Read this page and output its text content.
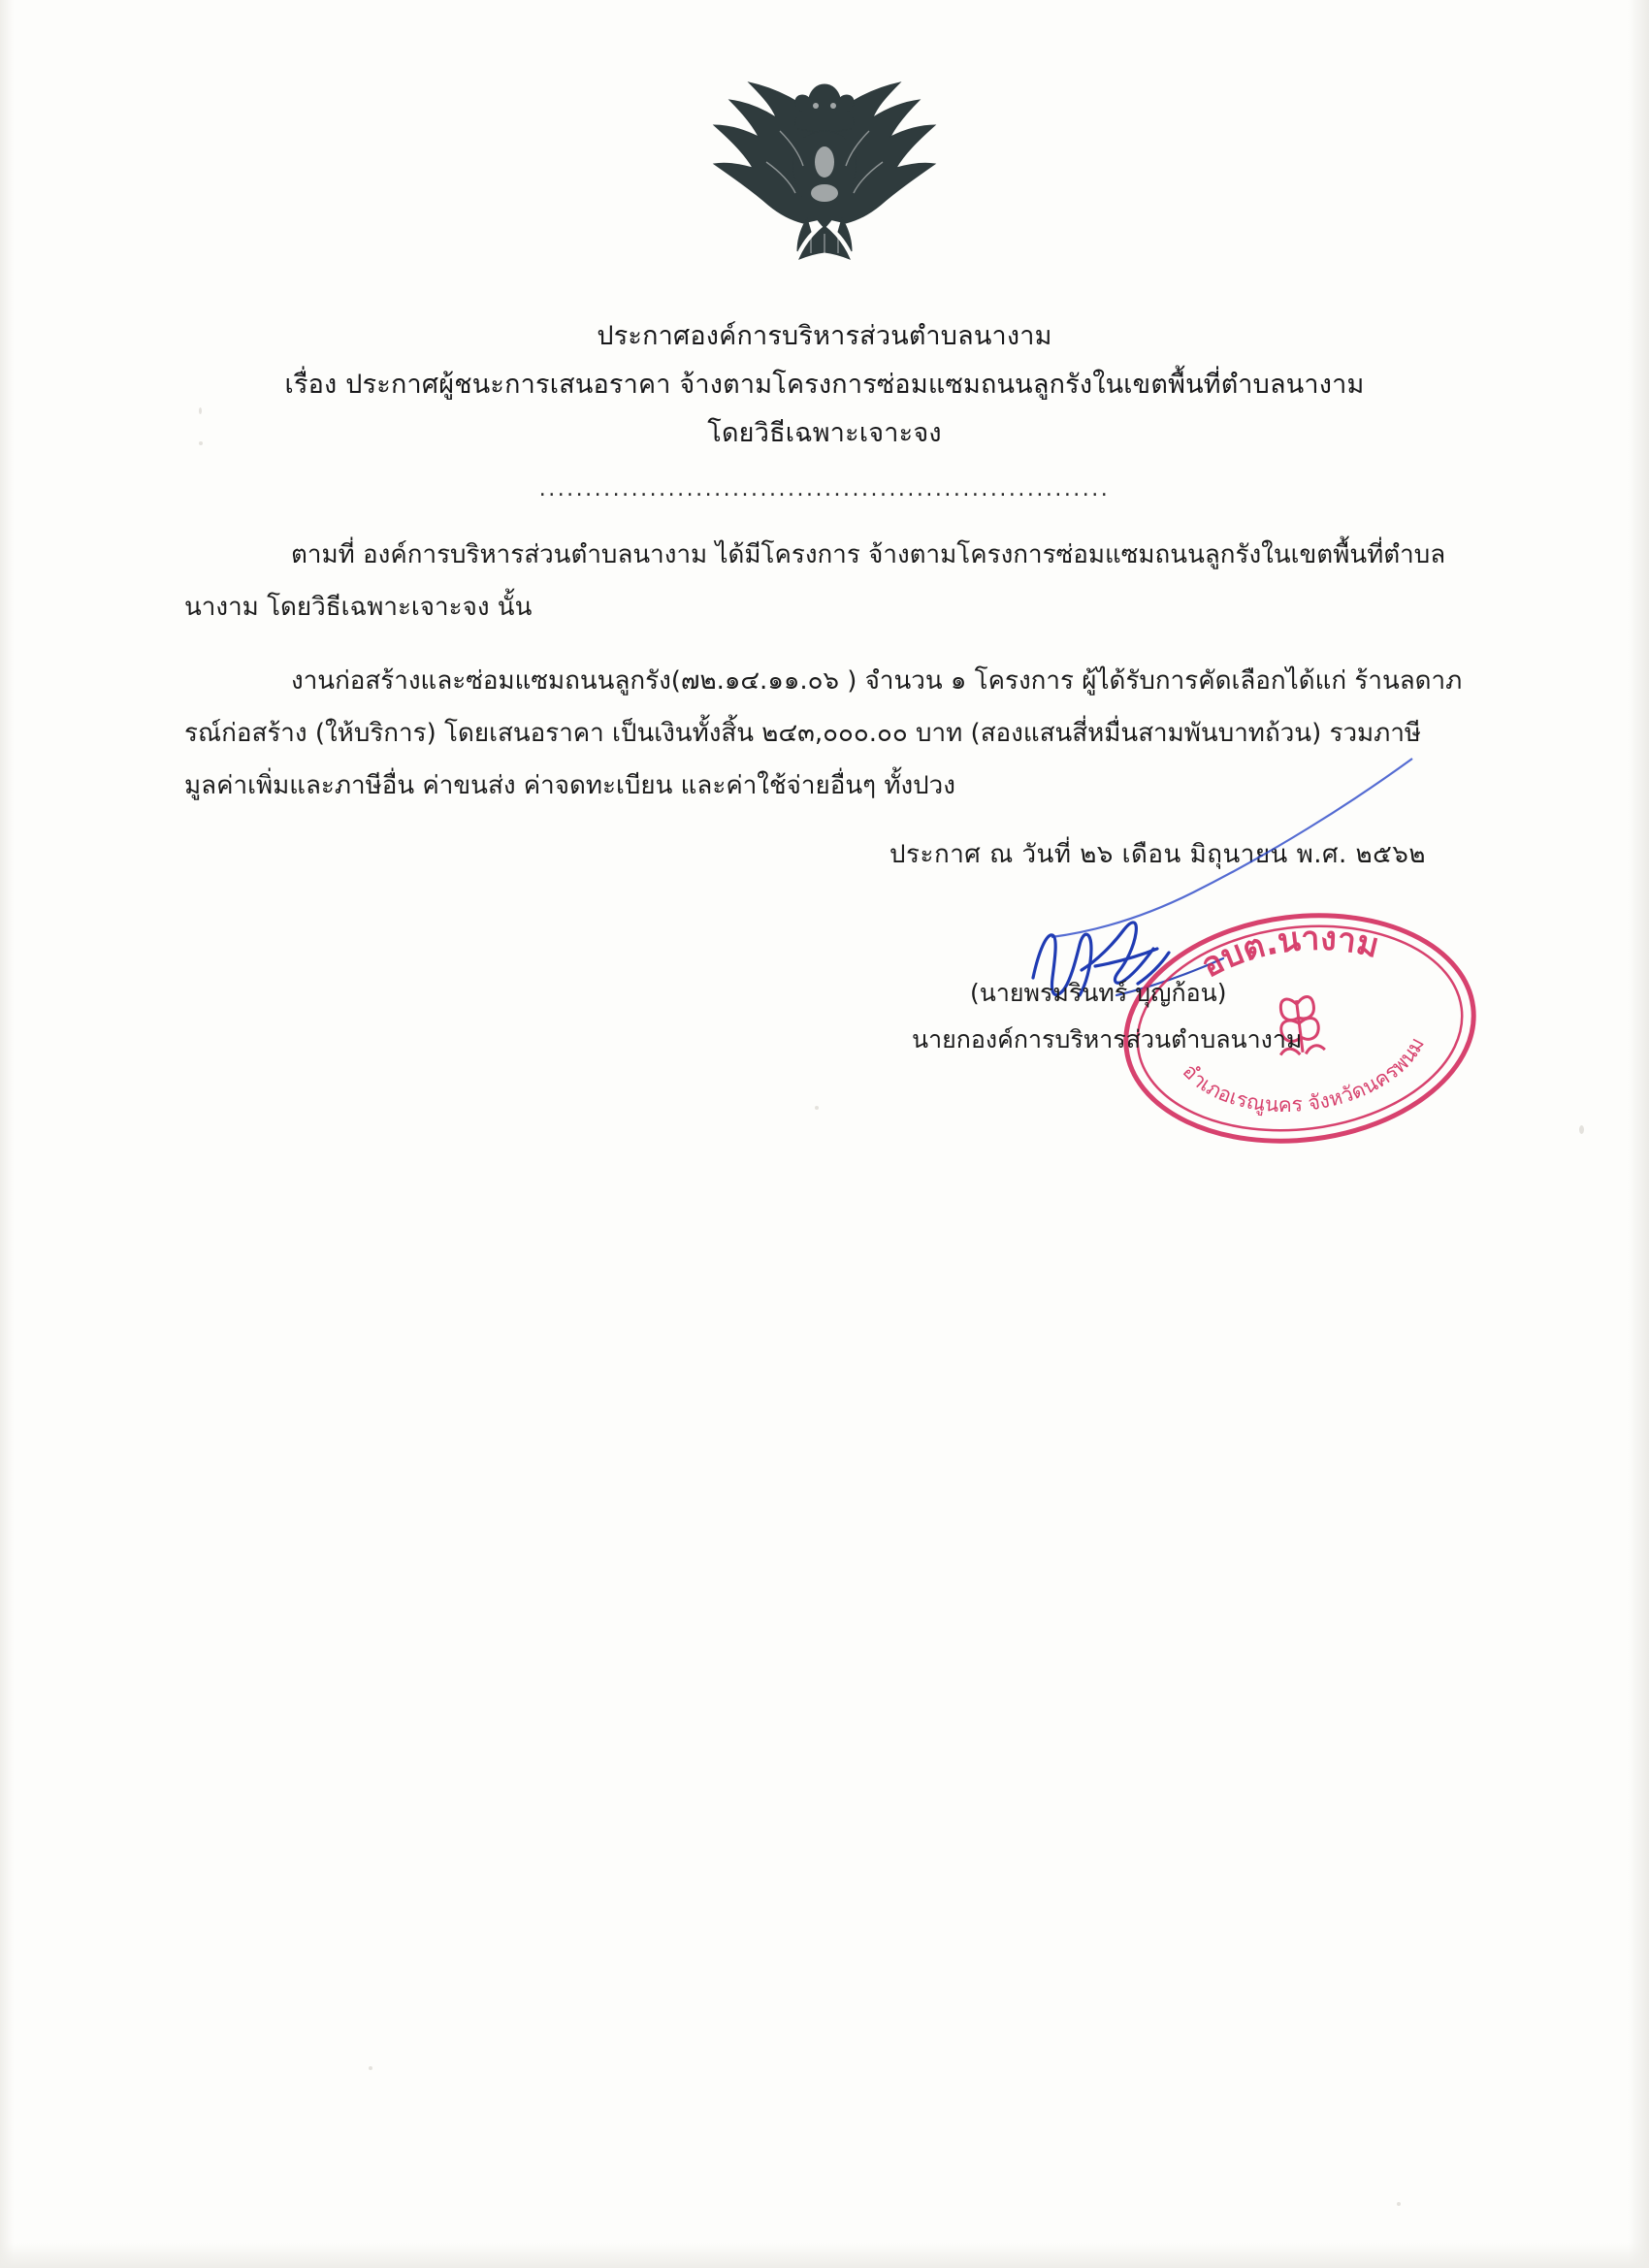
ประกาศองค์การบริหารส่วนตำบลนางาม
เรื่อง ประกาศผู้ชนะการเสนอราคา จ้างตามโครงการซ่อมแซมถนนลูกรังในเขตพื้นที่ตำบลนางาม
โดยวิธีเฉพาะเจาะจง
..............................................................
ตามที่ องค์การบริหารส่วนตำบลนางาม ได้มีโครงการ จ้างตามโครงการซ่อมแซมถนนลูกรังในเขตพื้นที่ตำบลนางาม โดยวิธีเฉพาะเจาะจง นั้น
งานก่อสร้างและซ่อมแซมถนนลูกรัง(๗๒.๑๔.๑๑.๐๖ ) จำนวน ๑ โครงการ ผู้ได้รับการคัดเลือกได้แก่ ร้านลดาภรณ์ก่อสร้าง (ให้บริการ) โดยเสนอราคา เป็นเงินทั้งสิ้น ๒๔๓,๐๐๐.๐๐ บาท (สองแสนสี่หมื่นสามพันบาทถ้วน) รวมภาษีมูลค่าเพิ่มและภาษีอื่น ค่าขนส่ง ค่าจดทะเบียน และค่าใช้จ่ายอื่นๆ ทั้งปวง
ประกาศ ณ วันที่ ๒๖ เดือน มิถุนายน พ.ศ. ๒๕๖๒
อบต.นางาม
อำเภอเรณูนคร จังหวัดนครพนม
(นายพรมรินทร์ บุญก้อน)
นายกองค์การบริหารส่วนตำบลนางาม
